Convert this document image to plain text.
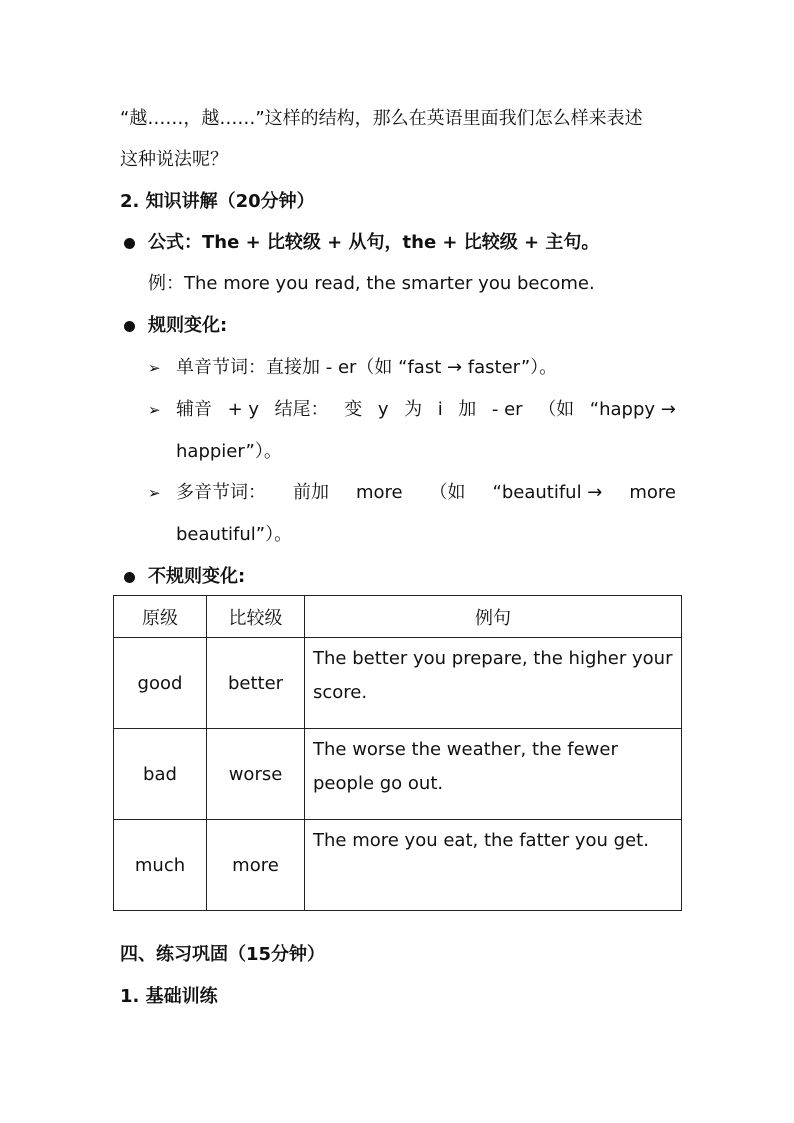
“越……，越……”这样的结构，那么在英语里面我们怎么样来表述
这种说法呢？
2. 知识讲解（20分钟）
公式：The + 比较级 + 从句，the + 比较级 + 主句。
例：The more you read, the smarter you become.
规则变化:
➢ 单音节词：直接加 - er（如 “fast → faster”）。
➢ 辅音 + y 结尾： 变 y 为 i 加 - er （如 “happy →
happier”）。
➢ 多音节词： 前加 more （如 “beautiful → more
beautiful”）。
不规则变化:
原级	比较级	例句
good	better	The better you prepare, the higher your
score.

bad	worse	The worse the weather, the fewer
people go out.

much	more	The more you eat, the fatter you get.
四、练习巩固（15分钟）
1. 基础训练
